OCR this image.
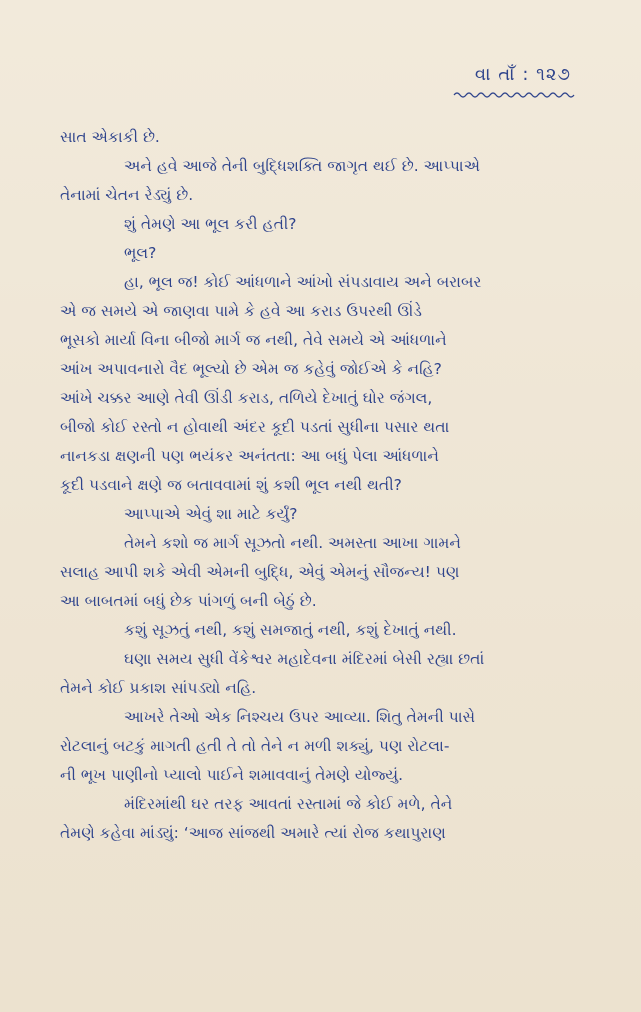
વા તાઁ : ૧૨૭
સાત એકાકી છે.
અને હવે આજે તેની બુદ્ધિશક્તિ જાગૃત થઈ છે. આપ્પાએ
તેનામાં ચેતન રેડ્યું છે.
શું તેમણે આ ભૂલ કરી હતી?
ભૂલ?
હા, ભૂલ જ! કોઈ આંધળાને આંખો સંપડાવાય અને બરાબર
એ જ સમયે એ જાણવા પામે કે હવે આ કરાડ ઉપરથી ઊંડે
ભૂસકો માર્યા વિના બીજો માર્ગ જ નથી, તેવે સમયે એ આંધળાને
આંખ અપાવનારો વૈદ ભૂલ્યો છે એમ જ કહેવું જોઈએ કે નહિ?
આંખે ચક્કર આણે તેવી ઊંડી કરાડ, તળિયે દેખાતું ઘોર જંગલ,
બીજો કોઈ રસ્તો ન હોવાથી અંદર કૂદી પડતાં સુધીના પસાર થતા
નાનકડા ક્ષણની પણ ભયંકર અનંતતા: આ બધું પેલા આંધળાને
કૂદી પડવાને ક્ષણે જ બતાવવામાં શું કશી ભૂલ નથી થતી?
આપ્પાએ એવું શા માટે કર્યું?
તેમને કશો જ માર્ગ સૂઝતો નથી. અમસ્તા આખા ગામને
સલાહ આપી શકે એવી એમની બુદ્ધિ, એવું એમનું સૌજન્ય! પણ
આ બાબતમાં બધું છેક પાંગળું બની બેઠું છે.
કશું સૂઝતું નથી, કશું સમજાતું નથી, કશું દેખાતું નથી.
ઘણા સમય સુધી વેંકેશ્વર મહાદેવના મંદિરમાં બેસી રહ્યા છતાં
તેમને કોઈ પ્રકાશ સાંપડ્યો નહિ.
આખરે તેઓ એક નિશ્ચય ઉપર આવ્યા. શિતુ તેમની પાસે
રોટલાનું બટકું માગતી હતી તે તો તેને ન મળી શક્યું, પણ રોટલા-
ની ભૂખ પાણીનો પ્યાલો પાઈને શમાવવાનું તેમણે યોજ્યું.
મંદિરમાંથી ઘર તરફ આવતાં રસ્તામાં જે કોઈ મળે, તેને
તેમણે કહેવા માંડ્યું: ‘આજ સાંજથી અમારે ત્યાં રોજ કથાપુરાણ
